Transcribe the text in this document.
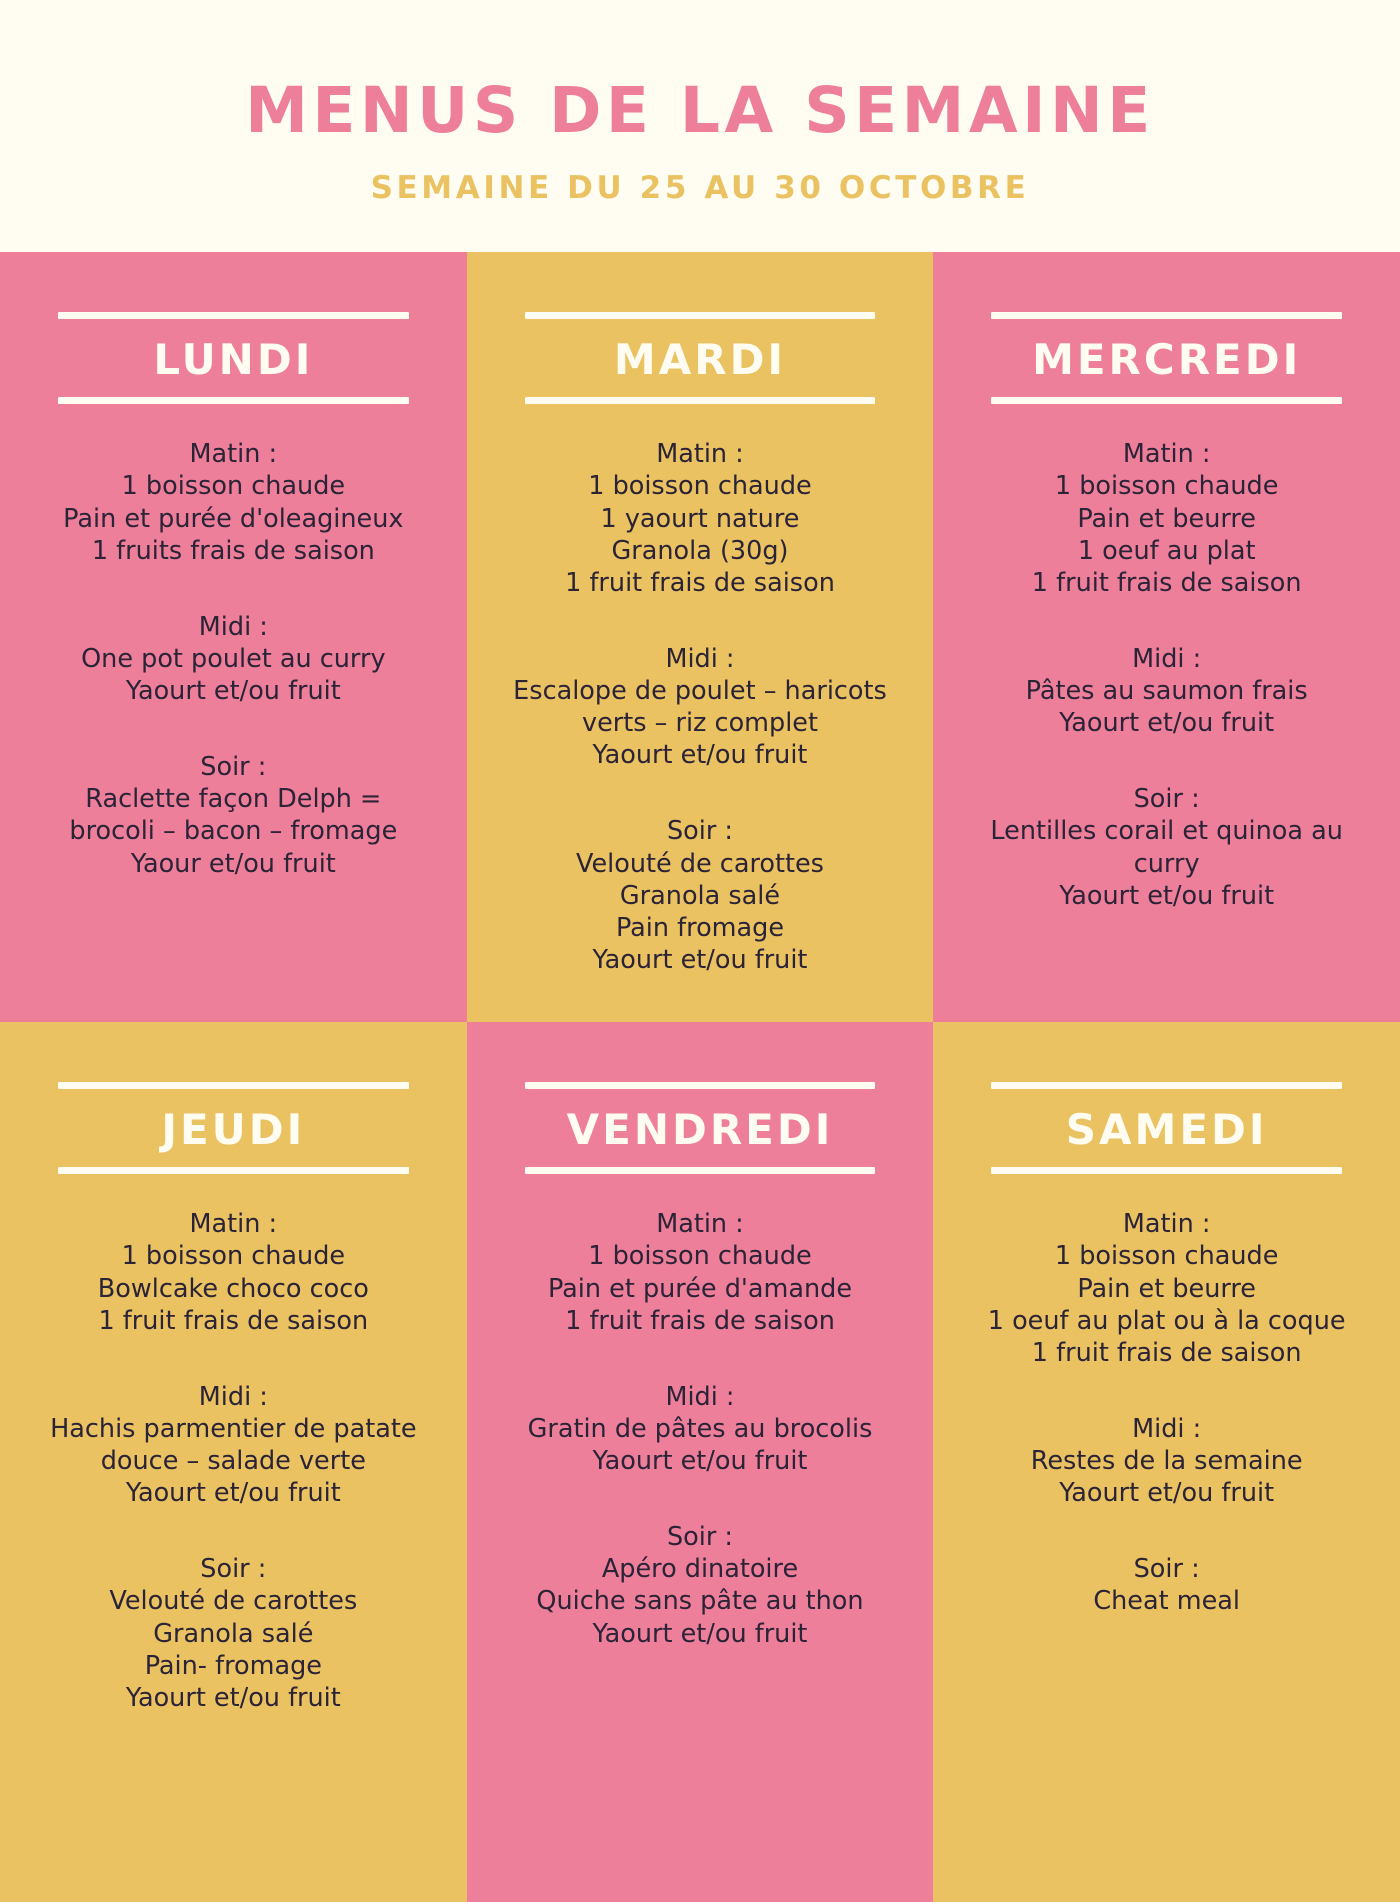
MENUS DE LA SEMAINE

SEMAINE DU 25 AU 30 OCTOBRE

LUNDI

Matin :

1 boisson chaude

Pain et purée d'oleagineux

1 fruits frais de saison

Midi :

One pot poulet au curry

Yaourt et/ou fruit

Soir :

Raclette façon Delph =

brocoli – bacon – fromage

Yaour et/ou fruit

MARDI

Matin :

1 boisson chaude

1 yaourt nature

Granola (30g)

1 fruit frais de saison

Midi :

Escalope de poulet – haricots

verts – riz complet

Yaourt et/ou fruit

Soir :

Velouté de carottes

Granola salé

Pain fromage

Yaourt et/ou fruit

MERCREDI

Matin :

1 boisson chaude

Pain et beurre

1 oeuf au plat

1 fruit frais de saison

Midi :

Pâtes au saumon frais

Yaourt et/ou fruit

Soir :

Lentilles corail et quinoa au

curry

Yaourt et/ou fruit

JEUDI

Matin :

1 boisson chaude

Bowlcake choco coco

1 fruit frais de saison

Midi :

Hachis parmentier de patate

douce – salade verte

Yaourt et/ou fruit

Soir :

Velouté de carottes

Granola salé

Pain- fromage

Yaourt et/ou fruit

VENDREDI

Matin :

1 boisson chaude

Pain et purée d'amande

1 fruit frais de saison

Midi :

Gratin de pâtes au brocolis

Yaourt et/ou fruit

Soir :

Apéro dinatoire

Quiche sans pâte au thon

Yaourt et/ou fruit

SAMEDI

Matin :

1 boisson chaude

Pain et beurre

1 oeuf au plat ou à la coque

1 fruit frais de saison

Midi :

Restes de la semaine

Yaourt et/ou fruit

Soir :

Cheat meal
